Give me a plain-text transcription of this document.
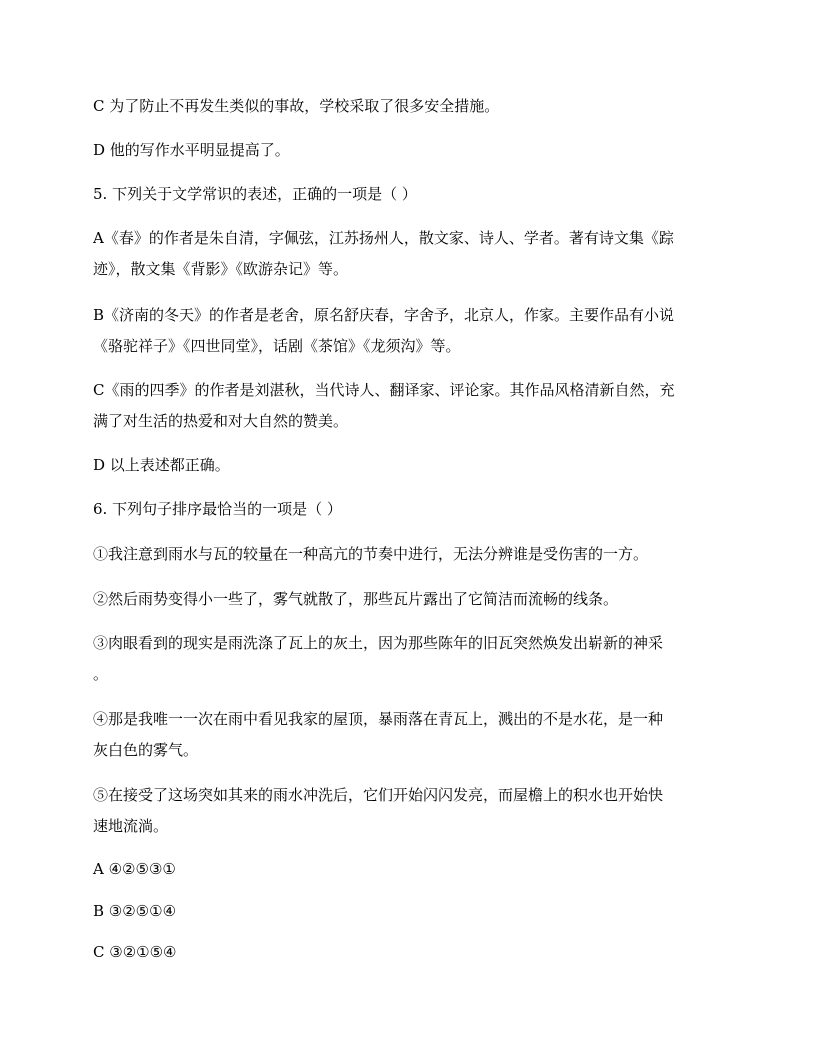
C 为了防止不再发生类似的事故，学校采取了很多安全措施。
D 他的写作水平明显提高了。
5. 下列关于文学常识的表述，正确的一项是（ ）
A《春》的作者是朱自清，字佩弦，江苏扬州人，散文家、诗人、学者。著有诗文集《踪
迹》，散文集《背影》《欧游杂记》等。
B《济南的冬天》的作者是老舍，原名舒庆春，字舍予，北京人，作家。主要作品有小说
《骆驼祥子》《四世同堂》，话剧《茶馆》《龙须沟》等。
C《雨的四季》的作者是刘湛秋，当代诗人、翻译家、评论家。其作品风格清新自然，充
满了对生活的热爱和对大自然的赞美。
D 以上表述都正确。
6. 下列句子排序最恰当的一项是（ ）
①我注意到雨水与瓦的较量在一种高亢的节奏中进行，无法分辨谁是受伤害的一方。
②然后雨势变得小一些了，雾气就散了，那些瓦片露出了它简洁而流畅的线条。
③肉眼看到的现实是雨洗涤了瓦上的灰土，因为那些陈年的旧瓦突然焕发出崭新的神采
。
④那是我唯一一次在雨中看见我家的屋顶，暴雨落在青瓦上，溅出的不是水花，是一种
灰白色的雾气。
⑤在接受了这场突如其来的雨水冲洗后，它们开始闪闪发亮，而屋檐上的积水也开始快
速地流淌。
A ④②⑤③①
B ③②⑤①④
C ③②①⑤④
